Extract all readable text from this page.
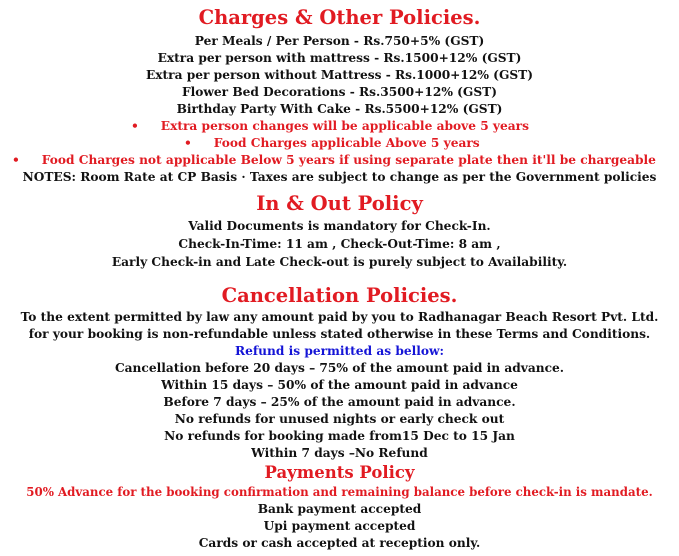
Charges & Other Policies.
Per Meals / Per Person - Rs.750+5% (GST)
Extra per person with mattress - Rs.1500+12% (GST)
Extra per person without Mattress - Rs.1000+12% (GST)
Flower Bed Decorations - Rs.3500+12% (GST)
Birthday Party With Cake - Rs.5500+12% (GST)
• Extra person changes will be applicable above 5 years
• Food Charges applicable Above 5 years
• Food Charges not applicable Below 5 years if using separate plate then it'll be chargeable
NOTES: Room Rate at CP Basis · Taxes are subject to change as per the Government policies
In & Out Policy
Valid Documents is mandatory for Check-In.
Check-In-Time: 11 am , Check-Out-Time: 8 am ,
Early Check-in and Late Check-out is purely subject to Availability.
Cancellation Policies.
To the extent permitted by law any amount paid by you to Radhanagar Beach Resort Pvt. Ltd.
for your booking is non-refundable unless stated otherwise in these Terms and Conditions.
Refund is permitted as bellow:
Cancellation before 20 days – 75% of the amount paid in advance.
Within 15 days – 50% of the amount paid in advance
Before 7 days – 25% of the amount paid in advance.
No refunds for unused nights or early check out
No refunds for booking made from15 Dec to 15 Jan
Within 7 days –No Refund
Payments Policy
50% Advance for the booking confirmation and remaining balance before check-in is mandate.
Bank payment accepted
Upi payment accepted
Cards or cash accepted at reception only.
